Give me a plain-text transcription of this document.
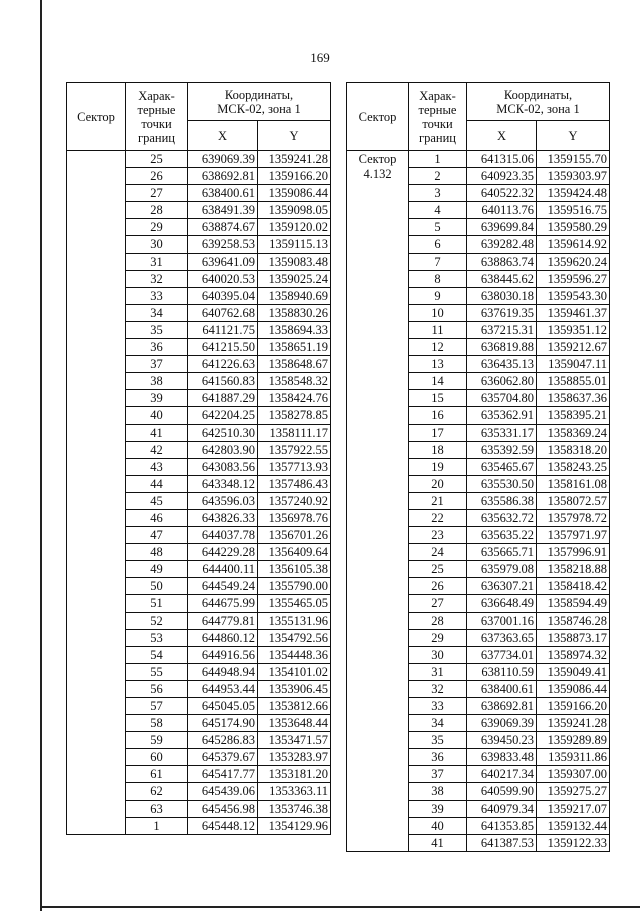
169
Сектор	Харак-
терные
точки
границ	Координаты,
МСК-02, зона 1	
		X	Y

	25	639069.39	1359241.28
	26	638692.81	1359166.20
	27	638400.61	1359086.44
	28	638491.39	1359098.05
	29	638874.67	1359120.02
	30	639258.53	1359115.13
	31	639641.09	1359083.48
	32	640020.53	1359025.24
	33	640395.04	1358940.69
	34	640762.68	1358830.26
	35	641121.75	1358694.33
	36	641215.50	1358651.19
	37	641226.63	1358648.67
	38	641560.83	1358548.32
	39	641887.29	1358424.76
	40	642204.25	1358278.85
	41	642510.30	1358111.17
	42	642803.90	1357922.55
	43	643083.56	1357713.93
	44	643348.12	1357486.43
	45	643596.03	1357240.92
	46	643826.33	1356978.76
	47	644037.78	1356701.26
	48	644229.28	1356409.64
	49	644400.11	1356105.38
	50	644549.24	1355790.00
	51	644675.99	1355465.05
	52	644779.81	1355131.96
	53	644860.12	1354792.56
	54	644916.56	1354448.36
	55	644948.94	1354101.02
	56	644953.44	1353906.45
	57	645045.05	1353812.66
	58	645174.90	1353648.44
	59	645286.83	1353471.57
	60	645379.67	1353283.97
	61	645417.77	1353181.20
	62	645439.06	1353363.11
	63	645456.98	1353746.38
	1	645448.12	1354129.96
Сектор	Харак-
терные
точки
границ	Координаты,
МСК-02, зона 1	
		X	Y
Сектор
4.132	1	641315.06	1359155.70
	2	640923.35	1359303.97
	3	640522.32	1359424.48
	4	640113.76	1359516.75
	5	639699.84	1359580.29
	6	639282.48	1359614.92
	7	638863.74	1359620.24
	8	638445.62	1359596.27
	9	638030.18	1359543.30
	10	637619.35	1359461.37
	11	637215.31	1359351.12
	12	636819.88	1359212.67
	13	636435.13	1359047.11
	14	636062.80	1358855.01
	15	635704.80	1358637.36
	16	635362.91	1358395.21
	17	635331.17	1358369.24
	18	635392.59	1358318.20
	19	635465.67	1358243.25
	20	635530.50	1358161.08
	21	635586.38	1358072.57
	22	635632.72	1357978.72
	23	635635.22	1357971.97
	24	635665.71	1357996.91
	25	635979.08	1358218.88
	26	636307.21	1358418.42
	27	636648.49	1358594.49
	28	637001.16	1358746.28
	29	637363.65	1358873.17
	30	637734.01	1358974.32
	31	638110.59	1359049.41
	32	638400.61	1359086.44
	33	638692.81	1359166.20
	34	639069.39	1359241.28
	35	639450.23	1359289.89
	36	639833.48	1359311.86
	37	640217.34	1359307.00
	38	640599.90	1359275.27
	39	640979.34	1359217.07
	40	641353.85	1359132.44
	41	641387.53	1359122.33
